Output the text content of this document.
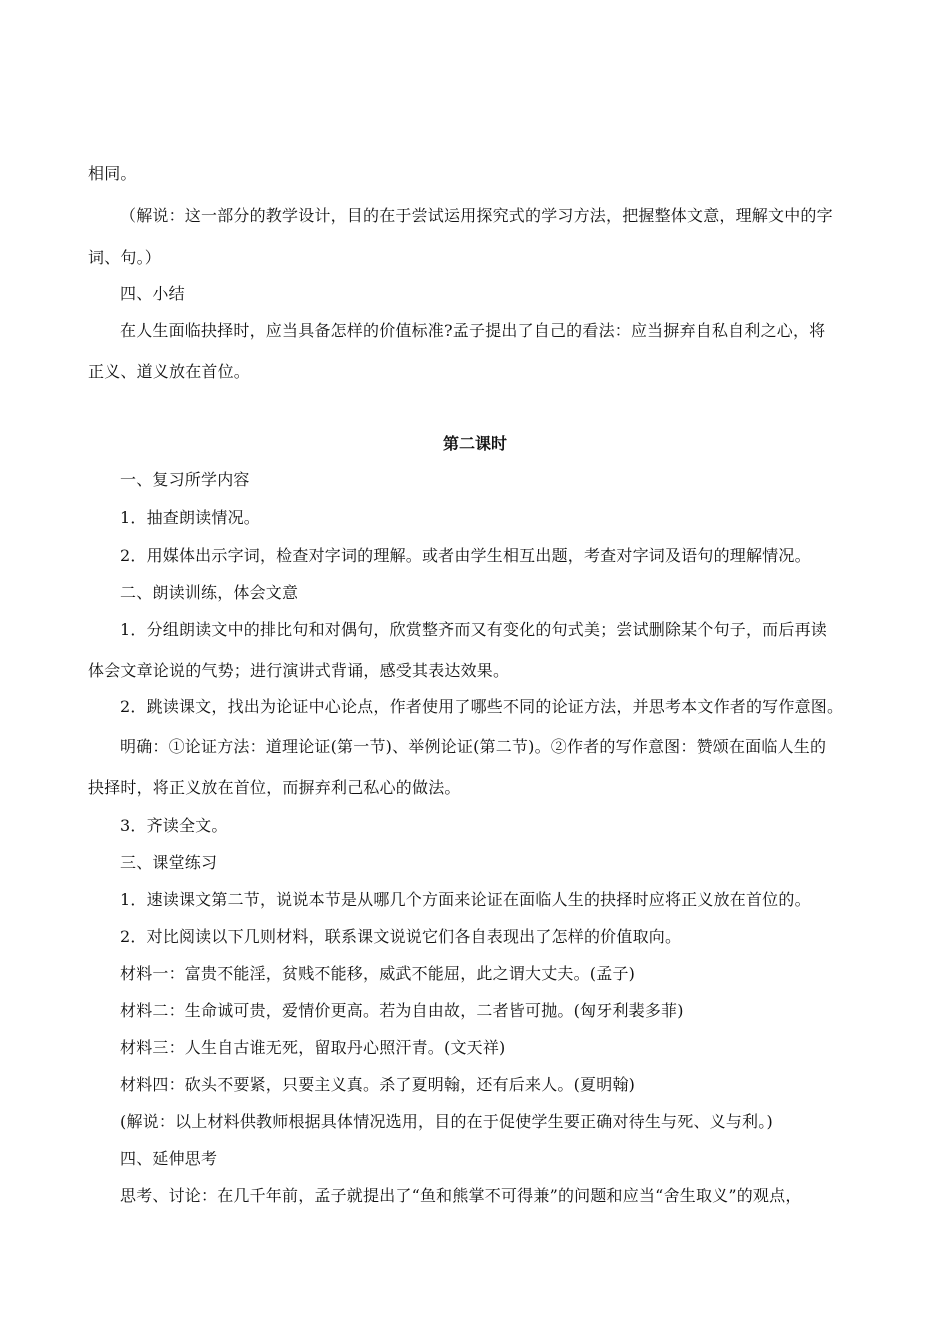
相同。
（解说：这一部分的教学设计，目的在于尝试运用探究式的学习方法，把握整体文意，理解文中的字
词、句。）
四、小结
在人生面临抉择时，应当具备怎样的价值标准?孟子提出了自己的看法：应当摒弃自私自利之心，将
正义、道义放在首位。
第二课时
一、复习所学内容
1．抽查朗读情况。
2．用媒体出示字词，检查对字词的理解。或者由学生相互出题，考查对字词及语句的理解情况。
二、朗读训练，体会文意
1．分组朗读文中的排比句和对偶句，欣赏整齐而又有变化的句式美；尝试删除某个句子，而后再读
体会文章论说的气势；进行演讲式背诵，感受其表达效果。
2．跳读课文，找出为论证中心论点，作者使用了哪些不同的论证方法，并思考本文作者的写作意图。
明确：①论证方法：道理论证(第一节)、举例论证(第二节)。②作者的写作意图：赞颂在面临人生的
抉择时，将正义放在首位，而摒弃利己私心的做法。
3．齐读全文。
三、课堂练习
1．速读课文第二节，说说本节是从哪几个方面来论证在面临人生的抉择时应将正义放在首位的。
2．对比阅读以下几则材料，联系课文说说它们各自表现出了怎样的价值取向。
材料一：富贵不能淫，贫贱不能移，威武不能屈，此之谓大丈夫。(孟子)
材料二：生命诚可贵，爱情价更高。若为自由故，二者皆可抛。(匈牙利裴多菲)
材料三：人生自古谁无死，留取丹心照汗青。(文天祥)
材料四：砍头不要紧，只要主义真。杀了夏明翰，还有后来人。(夏明翰)
(解说：以上材料供教师根据具体情况选用，目的在于促使学生要正确对待生与死、义与利。)
四、延伸思考
思考、讨论：在几千年前，孟子就提出了“鱼和熊掌不可得兼”的问题和应当“舍生取义”的观点，
